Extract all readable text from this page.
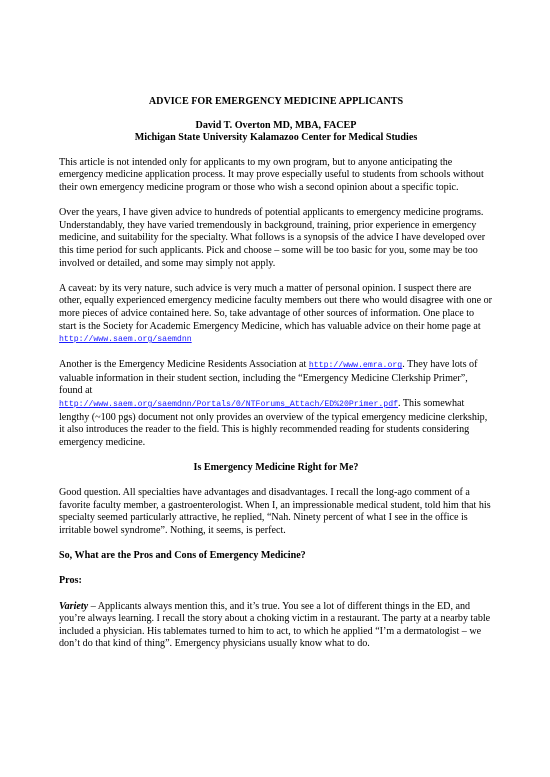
ADVICE FOR EMERGENCY MEDICINE APPLICANTS

David T. Overton MD, MBA, FACEP

Michigan State University Kalamazoo Center for Medical Studies

This article is not intended only for applicants to my own program, but to anyone anticipating the emergency medicine application process. It may prove especially useful to students from schools without their own emergency medicine program or those who wish a second opinion about a specific topic.

Over the years, I have given advice to hundreds of potential applicants to emergency medicine programs. Understandably, they have varied tremendously in background, training, prior experience in emergency medicine, and suitability for the specialty. What follows is a synopsis of the advice I have developed over this time period for such applicants. Pick and choose – some will be too basic for you, some may be too involved or detailed, and some may simply not apply.

A caveat: by its very nature, such advice is very much a matter of personal opinion. I suspect there are other, equally experienced emergency medicine faculty members out there who would disagree with one or more pieces of advice contained here. So, take advantage of other sources of information. One place to start is the Society for Academic Emergency Medicine, which has valuable advice on their home page at http://www.saem.org/saemdnn

Another is the Emergency Medicine Residents Association at http://www.emra.org. They have lots of valuable information in their student section, including the “Emergency Medicine Clerkship Primer”, found at
http://www.saem.org/saemdnn/Portals/0/NTForums_Attach/ED%20Primer.pdf. This somewhat lengthy (~100 pgs) document not only provides an overview of the typical emergency medicine clerkship, it also introduces the reader to the field. This is highly recommended reading for students considering emergency medicine.

Is Emergency Medicine Right for Me?

Good question. All specialties have advantages and disadvantages. I recall the long-ago comment of a favorite faculty member, a gastroenterologist. When I, an impressionable medical student, told him that his specialty seemed particularly attractive, he replied, “Nah. Ninety percent of what I see in the office is irritable bowel syndrome”. Nothing, it seems, is perfect.

So, What are the Pros and Cons of Emergency Medicine?

Pros:

Variety – Applicants always mention this, and it’s true. You see a lot of different things in the ED, and you’re always learning. I recall the story about a choking victim in a restaurant. The party at a nearby table included a physician. His tablemates turned to him to act, to which he applied “I’m a dermatologist – we don’t do that kind of thing”. Emergency physicians usually know what to do.
